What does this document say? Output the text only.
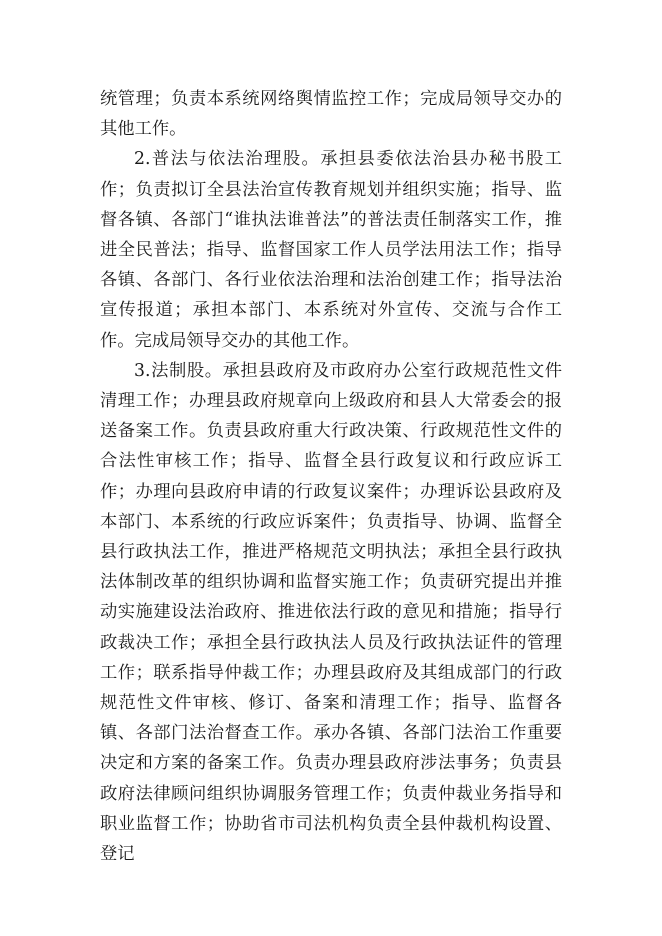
统管理；负责本系统网络舆情监控工作；完成局领导交办的其他工作。

2.普法与依法治理股。承担县委依法治县办秘书股工作；负责拟订全县法治宣传教育规划并组织实施；指导、监督各镇、各部门“谁执法谁普法”的普法责任制落实工作，推进全民普法；指导、监督国家工作人员学法用法工作；指导各镇、各部门、各行业依法治理和法治创建工作；指导法治宣传报道；承担本部门、本系统对外宣传、交流与合作工作。完成局领导交办的其他工作。

3.法制股。承担县政府及市政府办公室行政规范性文件清理工作；办理县政府规章向上级政府和县人大常委会的报送备案工作。负责县政府重大行政决策、行政规范性文件的合法性审核工作；指导、监督全县行政复议和行政应诉工作；办理向县政府申请的行政复议案件；办理诉讼县政府及本部门、本系统的行政应诉案件；负责指导、协调、监督全县行政执法工作，推进严格规范文明执法；承担全县行政执法体制改革的组织协调和监督实施工作；负责研究提出并推动实施建设法治政府、推进依法行政的意见和措施；指导行政裁决工作；承担全县行政执法人员及行政执法证件的管理工作；联系指导仲裁工作；办理县政府及其组成部门的行政规范性文件审核、修订、备案和清理工作；指导、监督各镇、各部门法治督查工作。承办各镇、各部门法治工作重要决定和方案的备案工作。负责办理县政府涉法事务；负责县政府法律顾问组织协调服务管理工作；负责仲裁业务指导和职业监督工作；协助省市司法机构负责全县仲裁机构设置、登记
